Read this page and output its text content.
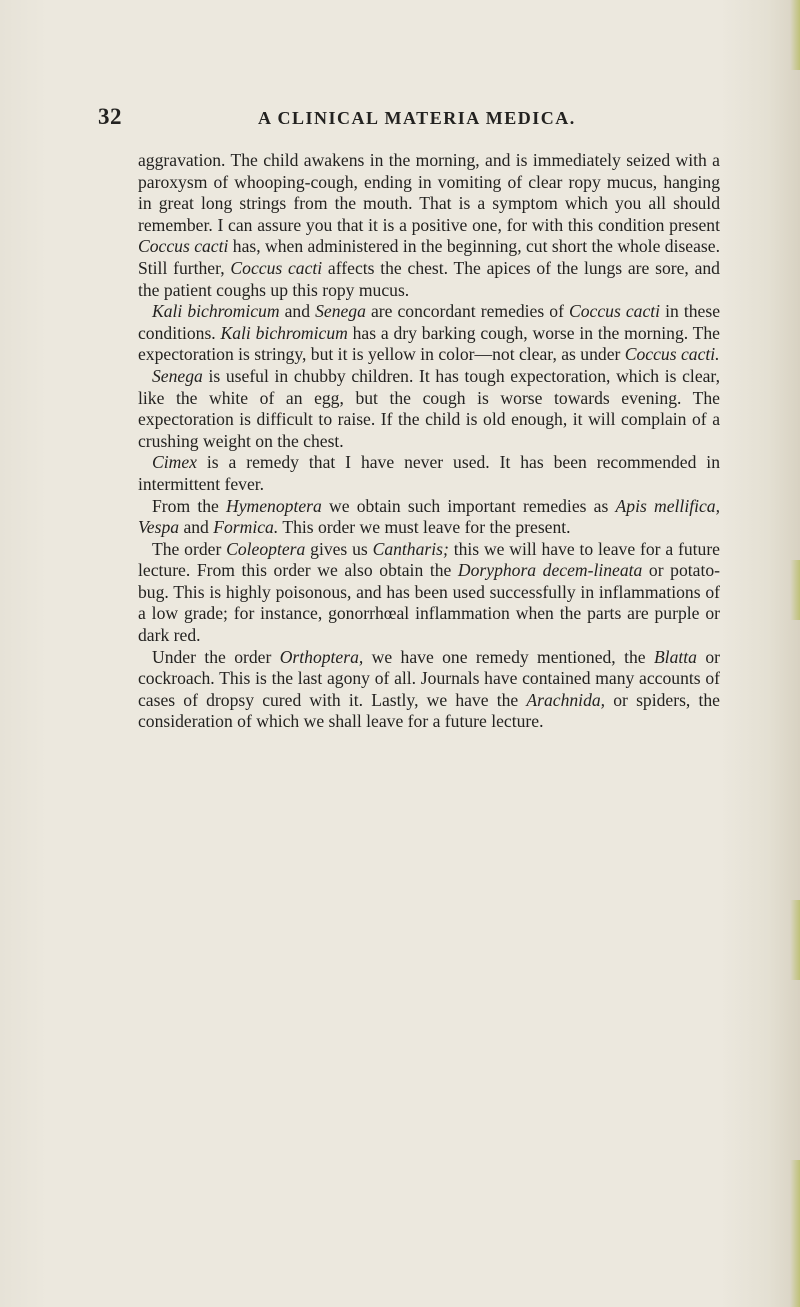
32	A CLINICAL MATERIA MEDICA.

aggravation. The child awakens in the morning, and is immediately seized with a paroxysm of whooping-cough, ending in vomiting of clear ropy mucus, hanging in great long strings from the mouth. That is a symptom which you all should remember. I can assure you that it is a positive one, for with this condition present Coccus cacti has, when administered in the beginning, cut short the whole disease. Still further, Coccus cacti affects the chest. The apices of the lungs are sore, and the patient coughs up this ropy mucus.

Kali bichromicum and Senega are concordant remedies of Coccus cacti in these conditions. Kali bichromicum has a dry barking cough, worse in the morning. The expectoration is stringy, but it is yellow in color—not clear, as under Coccus cacti.

Senega is useful in chubby children. It has tough expectoration, which is clear, like the white of an egg, but the cough is worse towards evening. The expectoration is difficult to raise. If the child is old enough, it will complain of a crushing weight on the chest.

Cimex is a remedy that I have never used. It has been recommended in intermittent fever.

From the Hymenoptera we obtain such important remedies as Apis mellifica, Vespa and Formica. This order we must leave for the present.

The order Coleoptera gives us Cantharis; this we will have to leave for a future lecture. From this order we also obtain the Doryphora decem-lineata or potato-bug. This is highly poisonous, and has been used successfully in inflammations of a low grade; for instance, gonorrhœal inflammation when the parts are purple or dark red.

Under the order Orthoptera, we have one remedy mentioned, the Blatta or cockroach. This is the last agony of all. Journals have contained many accounts of cases of dropsy cured with it. Lastly, we have the Arachnida, or spiders, the consideration of which we shall leave for a future lecture.
